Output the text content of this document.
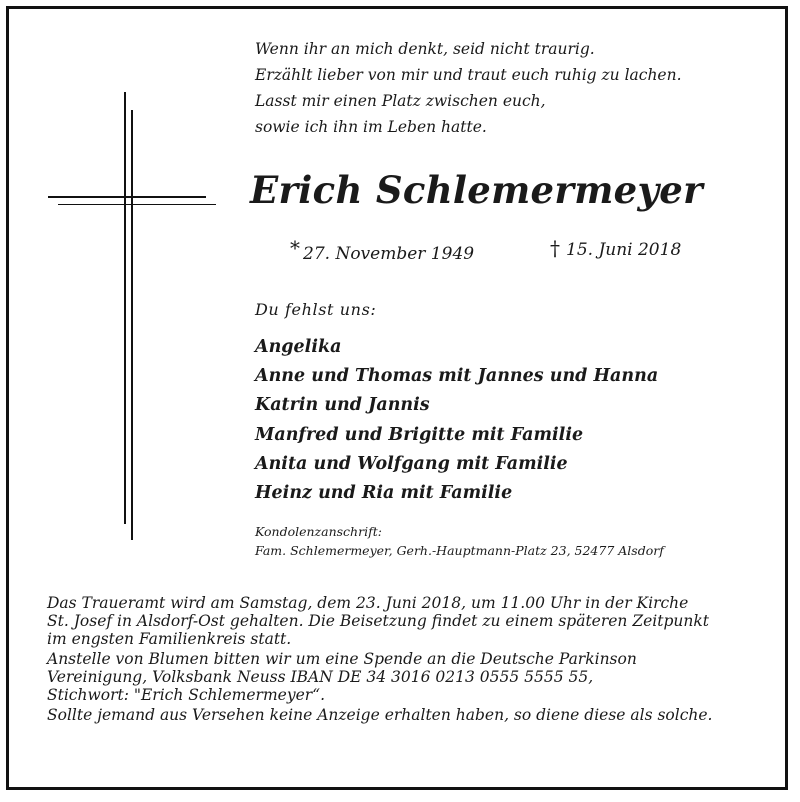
Wenn ihr an mich denkt, seid nicht traurig.
Erzählt lieber von mir und traut euch ruhig zu lachen.
Lasst mir einen Platz zwischen euch,
sowie ich ihn im Leben hatte.
Erich Schlemermeyer
* 27. November 1949	† 15. Juni 2018
Du fehlst uns:
Angelika
Anne und Thomas mit Jannes und Hanna
Katrin und Jannis
Manfred und Brigitte mit Familie
Anita und Wolfgang mit Familie
Heinz und Ria mit Familie
Kondolenzanschrift:
Fam. Schlemermeyer, Gerh.-Hauptmann-Platz 23, 52477 Alsdorf

Das Traueramt wird am Samstag, dem 23. Juni 2018, um 11.00 Uhr in der Kirche
St. Josef in Alsdorf-Ost gehalten. Die Beisetzung findet zu einem späteren Zeitpunkt
im engsten Familienkreis statt.

Anstelle von Blumen bitten wir um eine Spende an die Deutsche Parkinson
Vereinigung, Volksbank Neuss IBAN DE 34 3016 0213 0555 5555 55,
Stichwort: "Erich Schlemermeyer“.

Sollte jemand aus Versehen keine Anzeige erhalten haben, so diene diese als solche.
